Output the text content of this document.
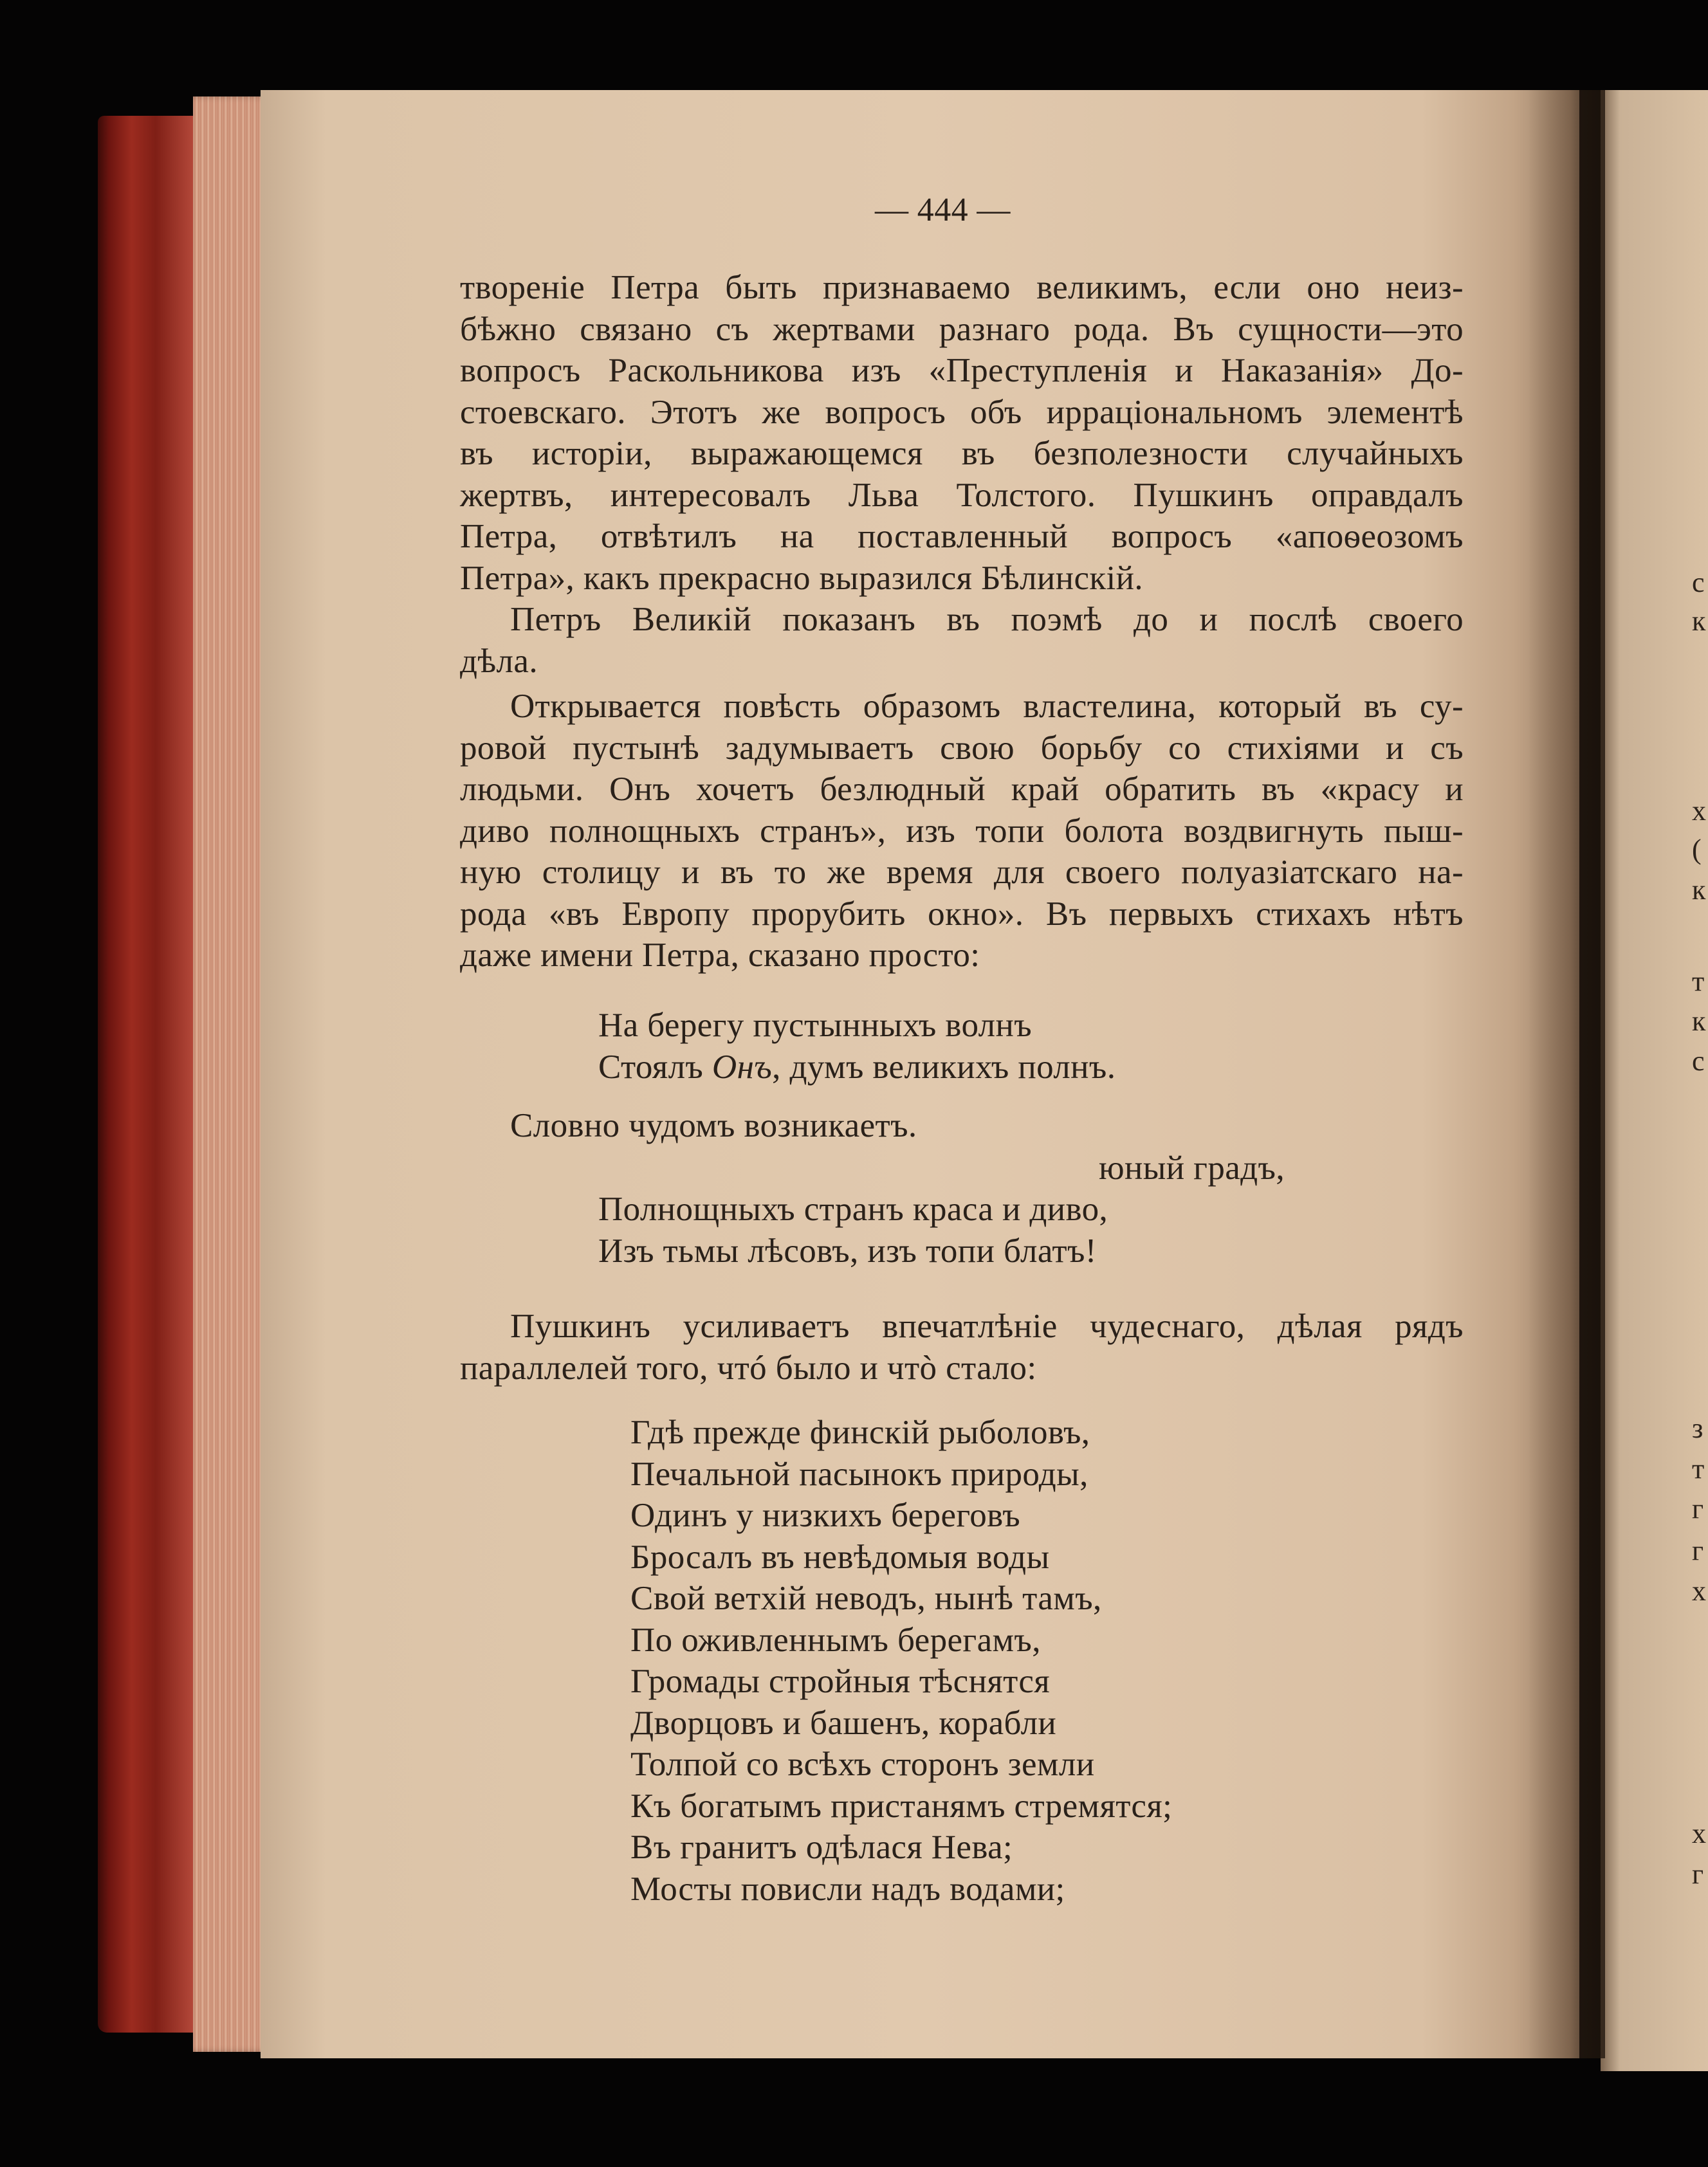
с
к
х
(
к
т
к
с
з
т
г
г
х
х
г
— 444 —
твореніе Петра быть признаваемо великимъ, если оно неиз-
бѣжно связано съ жертвами разнаго рода. Въ сущности—это
вопросъ Раскольникова изъ «Преступленія и Наказанія» До-
стоевскаго. Этотъ же вопросъ объ ирраціональномъ элементѣ
въ исторіи, выражающемся въ безполезности случайныхъ
жертвъ, интересовалъ Льва Толстого. Пушкинъ оправдалъ
Петра, отвѣтилъ на поставленный вопросъ «апоѳеозомъ
Петра», какъ прекрасно выразился Бѣлинскій.
Петръ Великій показанъ въ поэмѣ до и послѣ своего
дѣла.
Открывается повѣсть образомъ властелина, который въ су-
ровой пустынѣ задумываетъ свою борьбу со стихіями и съ
людьми. Онъ хочетъ безлюдный край обратить въ «красу и
диво полнощныхъ странъ», изъ топи болота воздвигнуть пыш-
ную столицу и въ то же время для своего полуазіатскаго на-
рода «въ Европу прорубить окно». Въ первыхъ стихахъ нѣтъ
даже имени Петра, сказано просто:
На берегу пустынныхъ волнъ
Стоялъ Онъ, думъ великихъ полнъ.
Словно чудомъ возникаетъ.
юный градъ,
Полнощныхъ странъ краса и диво,
Изъ тьмы лѣсовъ, изъ топи блатъ!
Пушкинъ усиливаетъ впечатлѣніе чудеснаго, дѣлая рядъ
параллелей того, чтó было и чтò стало:
Гдѣ прежде финскій рыболовъ,
Печальной пасынокъ природы,
Одинъ у низкихъ береговъ
Бросалъ въ невѣдомыя воды
Свой ветхій неводъ, нынѣ тамъ,
По оживленнымъ берегамъ,
Громады стройныя тѣснятся
Дворцовъ и башенъ, корабли
Толпой со всѣхъ сторонъ земли
Къ богатымъ пристанямъ стремятся;
Въ гранитъ одѣлася Нева;
Мосты повисли надъ водами;
